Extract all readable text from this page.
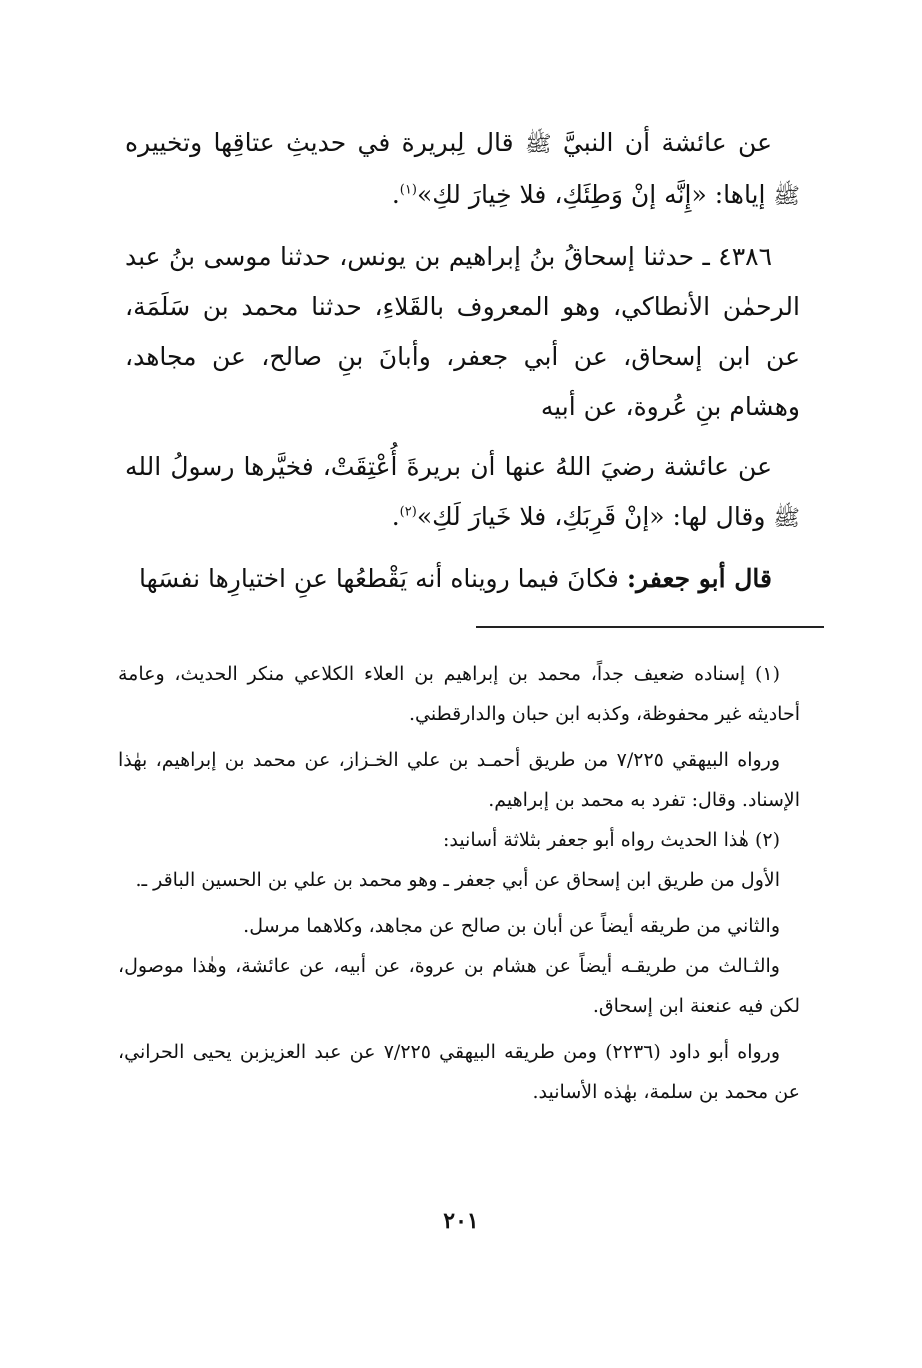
عن عائشة أن النبيَّ ﷺ قال لِبريرة في حديثِ عتاقِها وتخييره ﷺ إياها: «إِنَّه إنْ وَطِئَكِ، فلا خِيارَ لكِ»$^{(١)}$.

٤٣٨٦ ـ حدثنا إسحاقُ بنُ إبراهيم بن يونس، حدثنا موسى بنُ عبد الرحمٰن الأنطاكي، وهو المعروف بالقَلاءِ، حدثنا محمد بن سَلَمَة، عن ابن إسحاق، عن أبي جعفر، وأبانَ بنِ صالح، عن مجاهد، وهشام بنِ عُروة، عن أبيه

عن عائشة رضيَ اللهُ عنها أن بريرةَ أُعْتِقَتْ، فخيَّرها رسولُ الله ﷺ وقال لها: «إنْ قَرِبَكِ، فلا خَيارَ لَكِ»$^{(٢)}$.

قال أبو جعفر: فكانَ فيما رويناه أنه يَقْطعُها عنِ اختيارِها نفسَها

(١) إسناده ضعيف جداً، محمد بن إبراهيم بن العلاء الكلاعي منكر الحديث، وعامة أحاديثه غير محفوظة، وكذبه ابن حبان والدارقطني.

ورواه البيهقي ٧/٢٢٥ من طريق أحمـد بن علي الخـزاز، عن محمد بن إبراهيم، بهٰذا الإسناد. وقال: تفرد به محمد بن إبراهيم.

(٢) هٰذا الحديث رواه أبو جعفر بثلاثة أسانيد:

الأول من طريق ابن إسحاق عن أبي جعفر ـ وهو محمد بن علي بن الحسين الباقر ـ.

والثاني من طريقه أيضاً عن أبان بن صالح عن مجاهد، وكلاهما مرسل.

والثـالث من طريقـه أيضاً عن هشام بن عروة، عن أبيه، عن عائشة، وهٰذا موصول، لكن فيه عنعنة ابن إسحاق.

ورواه أبو داود (٢٢٣٦) ومن طريقه البيهقي ٧/٢٢٥ عن عبد العزيزبن يحيى الحراني، عن محمد بن سلمة، بهٰذه الأسانيد.

٢٠١
